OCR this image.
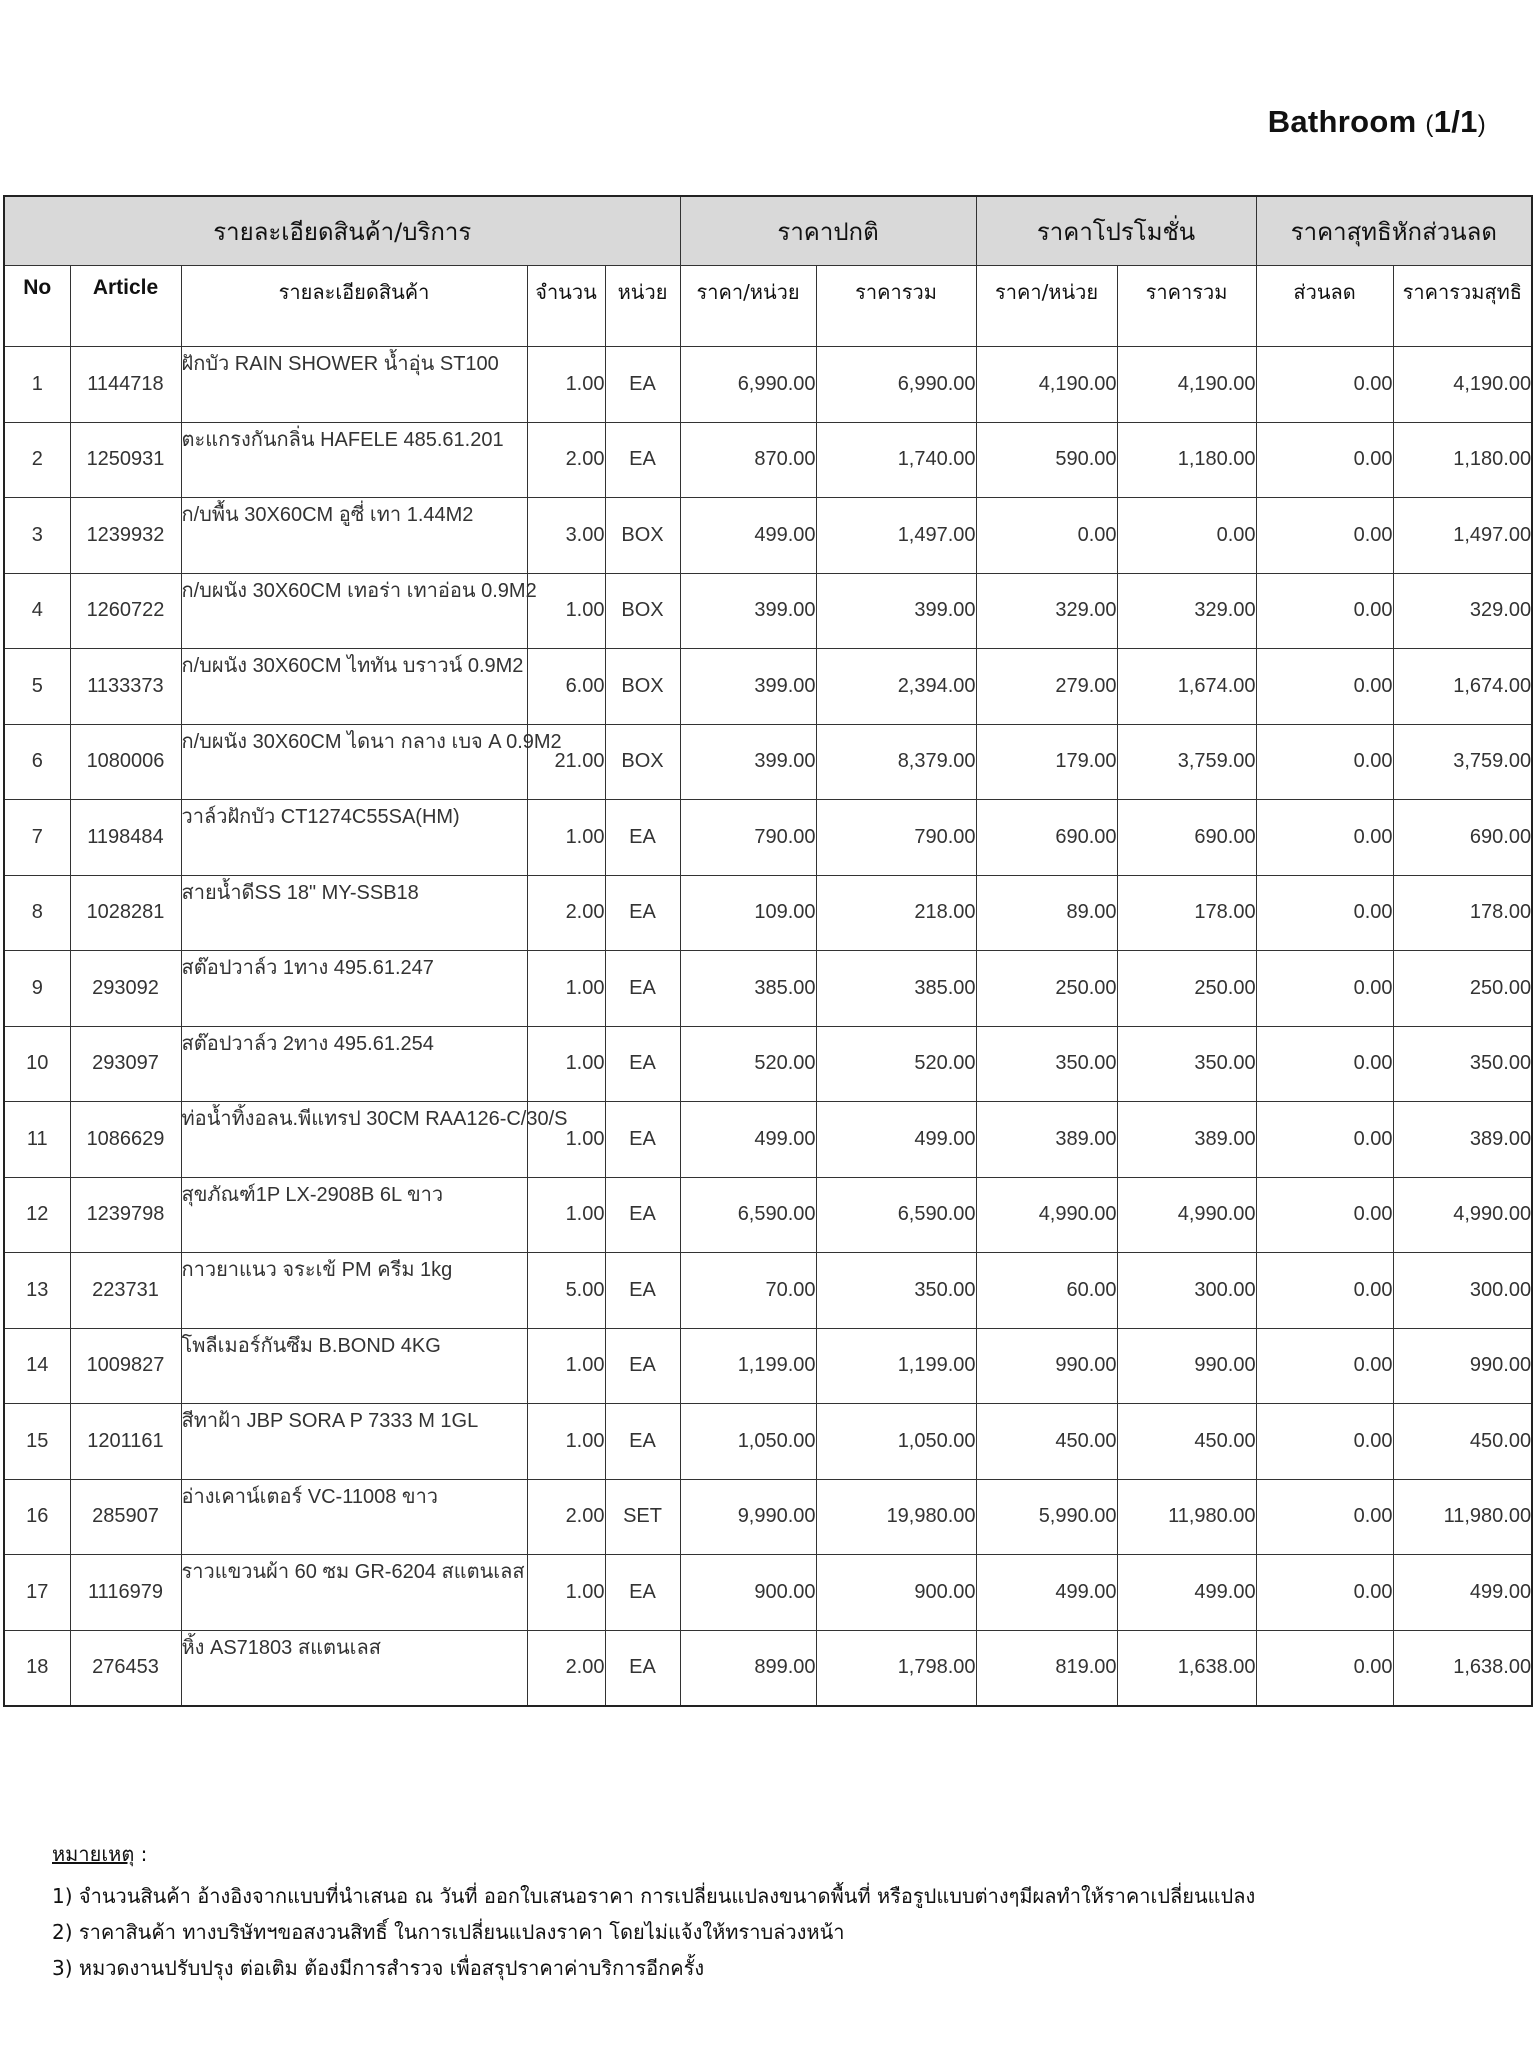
Bathroom (1/1)
รายละเอียดสินค้า/บริการ					ราคาปกติ		ราคาโปรโมชั่น		ราคาสุทธิหักส่วนลด	
No	Article	รายละเอียดสินค้า	จำนวน	หน่วย	ราคา/หน่วย	ราคารวม	ราคา/หน่วย	ราคารวม	ส่วนลด	ราคารวมสุทธิ
1	1144718	ฝักบัว RAIN SHOWER น้ำอุ่น ST100	1.00	EA	6,990.00	6,990.00	4,190.00	4,190.00	0.00	4,190.00
2	1250931	ตะแกรงกันกลิ่น HAFELE 485.61.201	2.00	EA	870.00	1,740.00	590.00	1,180.00	0.00	1,180.00
3	1239932	ก/บพื้น 30X60CM อูซี่ เทา 1.44M2	3.00	BOX	499.00	1,497.00	0.00	0.00	0.00	1,497.00
4	1260722	ก/บผนัง 30X60CM เทอร่า เทาอ่อน 0.9M2	1.00	BOX	399.00	399.00	329.00	329.00	0.00	329.00
5	1133373	ก/บผนัง 30X60CM ไททัน บราวน์ 0.9M2	6.00	BOX	399.00	2,394.00	279.00	1,674.00	0.00	1,674.00
6	1080006	ก/บผนัง 30X60CM ไดนา กลาง เบจ A 0.9M2	21.00	BOX	399.00	8,379.00	179.00	3,759.00	0.00	3,759.00
7	1198484	วาล์วฝักบัว CT1274C55SA(HM)	1.00	EA	790.00	790.00	690.00	690.00	0.00	690.00
8	1028281	สายน้ำดีSS 18" MY-SSB18	2.00	EA	109.00	218.00	89.00	178.00	0.00	178.00
9	293092	สต๊อปวาล์ว 1ทาง 495.61.247	1.00	EA	385.00	385.00	250.00	250.00	0.00	250.00
10	293097	สต๊อปวาล์ว 2ทาง 495.61.254	1.00	EA	520.00	520.00	350.00	350.00	0.00	350.00
11	1086629	ท่อน้ำทิ้งอลน.พีแทรป 30CM RAA126-C/30/S	1.00	EA	499.00	499.00	389.00	389.00	0.00	389.00
12	1239798	สุขภัณฑ์1P LX-2908B 6L ขาว	1.00	EA	6,590.00	6,590.00	4,990.00	4,990.00	0.00	4,990.00
13	223731	กาวยาแนว จระเข้ PM ครีม 1kg	5.00	EA	70.00	350.00	60.00	300.00	0.00	300.00
14	1009827	โพลีเมอร์กันซึม B.BOND 4KG	1.00	EA	1,199.00	1,199.00	990.00	990.00	0.00	990.00
15	1201161	สีทาฝ้า JBP SORA P 7333 M 1GL	1.00	EA	1,050.00	1,050.00	450.00	450.00	0.00	450.00
16	285907	อ่างเคาน์เตอร์ VC-11008 ขาว	2.00	SET	9,990.00	19,980.00	5,990.00	11,980.00	0.00	11,980.00
17	1116979	ราวแขวนผ้า 60 ซม GR-6204 สแตนเลส	1.00	EA	900.00	900.00	499.00	499.00	0.00	499.00
18	276453	หิ้ง AS71803 สแตนเลส	2.00	EA	899.00	1,798.00	819.00	1,638.00	0.00	1,638.00
หมายเหตุ :
1) จำนวนสินค้า อ้างอิงจากแบบที่นำเสนอ ณ วันที่ ออกใบเสนอราคา การเปลี่ยนแปลงขนาดพื้นที่ หรือรูปแบบต่างๆมีผลทำให้ราคาเปลี่ยนแปลง
2) ราคาสินค้า ทางบริษัทฯขอสงวนสิทธิ์ ในการเปลี่ยนแปลงราคา โดยไม่แจ้งให้ทราบล่วงหน้า
3) หมวดงานปรับปรุง ต่อเติม ต้องมีการสำรวจ เพื่อสรุปราคาค่าบริการอีกครั้ง
